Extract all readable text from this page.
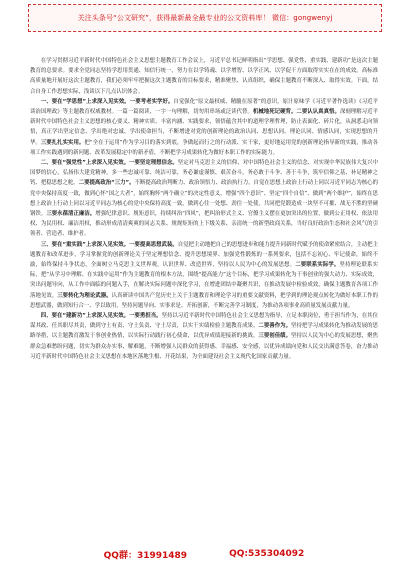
关注头条号“公文研究”，获得最新最全最专业的公文资料库！ 微信：gongwenyj

在学习贯彻习近平新时代中国特色社会主义思想主题教育工作会议上，习近平总书记鲜明指出“学思想、强党性、重实践、建新功”是这次主题教育的总要求。要求全党同志坚持学思用贯通、知信行统一，努力在以学铸魂、以学增智、以学正风、以学促干方面取得实实在在的成效。高标准高质量地开展好这次主题教育，我们必须牢牢把握这次主题教育的目标要求，精准聚焦、认真组织，确保主题教育不断深入、取得实效。下面，结合自身工作思想实际，浅谈以下几点认识体会。

一、要在“学思想”上求深入见实效。一要考老实学好。自觉强化“原文最权威、精髓在原著”的意识，原汁原味学《习近平著作选读》《习近平谈治国理政》等主题教育权威教材。一篇一篇阅读、一字一句理解，切勿用串场或泛读代替。机械地死记硬背。二要认认真真悟。深刻理解习近平新时代中国特色社会主义思想的核心要义、精神实质、丰富内涵、实践要求，领悟蕴含其中的道理学理哲理，防止表面化、碎片化，从洞悉走向领悟，真正学出坚定信念、学出绝对忠诚、学出使命担当，不断增进对党的创新理论的政治认同、思想认同、理论认同、情感认同，实现思想的升华。三要扎扎实实用。把“全在于运用”作为学习目的落实到底，争做起而行之的行动派、实干家，更好地运用党的创新理论指导新的实践，推动各项工作实践遇到的新问题、改革发展稳定中的新矛盾，不断把学习成果转化为做好本职工作的实际能力。

二、要在“强党性”上求深入见实效。一要坚定理想信念。坚定对马克思主义的信仰、对中国特色社会主义的信念、对实现中华民族伟大复兴中国梦的信心，弘扬伟大建党精神，多一些忠诚可靠、纯洁可靠，务必谦虚谨慎、艰苦奋斗，务必敢于斗争、善于斗争，筑牢信仰之基、补足精神之钙、把稳思想之舵。二要提高政治“三力”。不断提高政治判断力、政治领悟力、政治执行力，自觉在思想上政治上行动上同以习近平同志为核心的党中央保持高度一致，做到心怀“国之大者”，始终胸怀“两个确立”的决定性意义，增强“四个意识”、坚定“四个自信”、做到“两个维护”，始终在思想上政治上行动上同以习近平同志为核心的党中央保持高度一致，做到心往一处想、劲往一处使，共同把党锻造成一块坚不可摧、战无不胜的坚硬钢铁。三要永葆清正廉洁。增强纪律意识、规矩意识，持续纠治“四风”，把纠治形式主义、官僚主义摆在更加突出的位置，做到公正用权、依法用权、为民用权、廉洁用权，推动形成清清爽爽的同志关系、规规矩矩的上下级关系、亲清统一的新型政商关系，当好良好政治生态和社会风气的引领者、营造者、维护者。

三、要在“重实践”上求深入见实效。一要提高思想武装。自觉把主动地把自己的思想进步和能力提升同新时代赋予的使命紧密结合，主动把主题教育和改革进步，学习掌握党的创新理论关于坚定理想信念、提升思想境界、加强党性锻炼的一系列要求，包括不忘初心、牢记使命，始终不渝，始终保持斗争状态，全面树立马克思主义世界观，认识世界、改造世界，坚持以人民为中心的发展思想。二要联系实际学。坚持理论联系实际，把“从学习中理解、在实践中运用”作为主题教育的根本方法，围绕“提高能力”这个目标，把学习成果转化为干事创业的强大动力、实际成效，突出问题导向，从工作中面临的问题入手，在解决实际问题中深化学习，在增进团结中凝聚共识，在推动发展中检验成效，确保主题教育各项工作落地见效。三要转化为理论武器。认真研读中国共产党历史上关于主题教育和理论学习的重要文献资料，把学到的理论观点转化为做好本职工作的思想武器，做到知行合一、学以致用，坚持问题导向、实事求是、开拓创新，不断完善学习制度，为推动各项事业高质量发展贡献力量。

四、要在“建新功”上求深入见实效。一要勇担当。坚持以习近平新时代中国特色社会主义思想为指导，立足本职岗位，勇于担当作为，在其位谋其政、任其职尽其责，做到守土有责、守土负责、守土尽责，以实干实绩检验主题教育成果。二要善作为。坚持把学习成果转化为推动发展的思路举措，以主题教育激发干事创业热情，以实际行动践行初心使命，以优异成绩迎接新的挑战。三要创佳绩。坚持以人民为中心的发展思想，聚焦群众急难愁盼问题，切实为群众办实事、解难题，不断增强人民群众的获得感、幸福感、安全感，以优异成绩向党和人民交出满意答卷，奋力推动习近平新时代中国特色社会主义思想在本地区落地生根、开花结果，为全面建设社会主义现代化国家贡献力量。

QQ群：31991489	QQ:535304092
